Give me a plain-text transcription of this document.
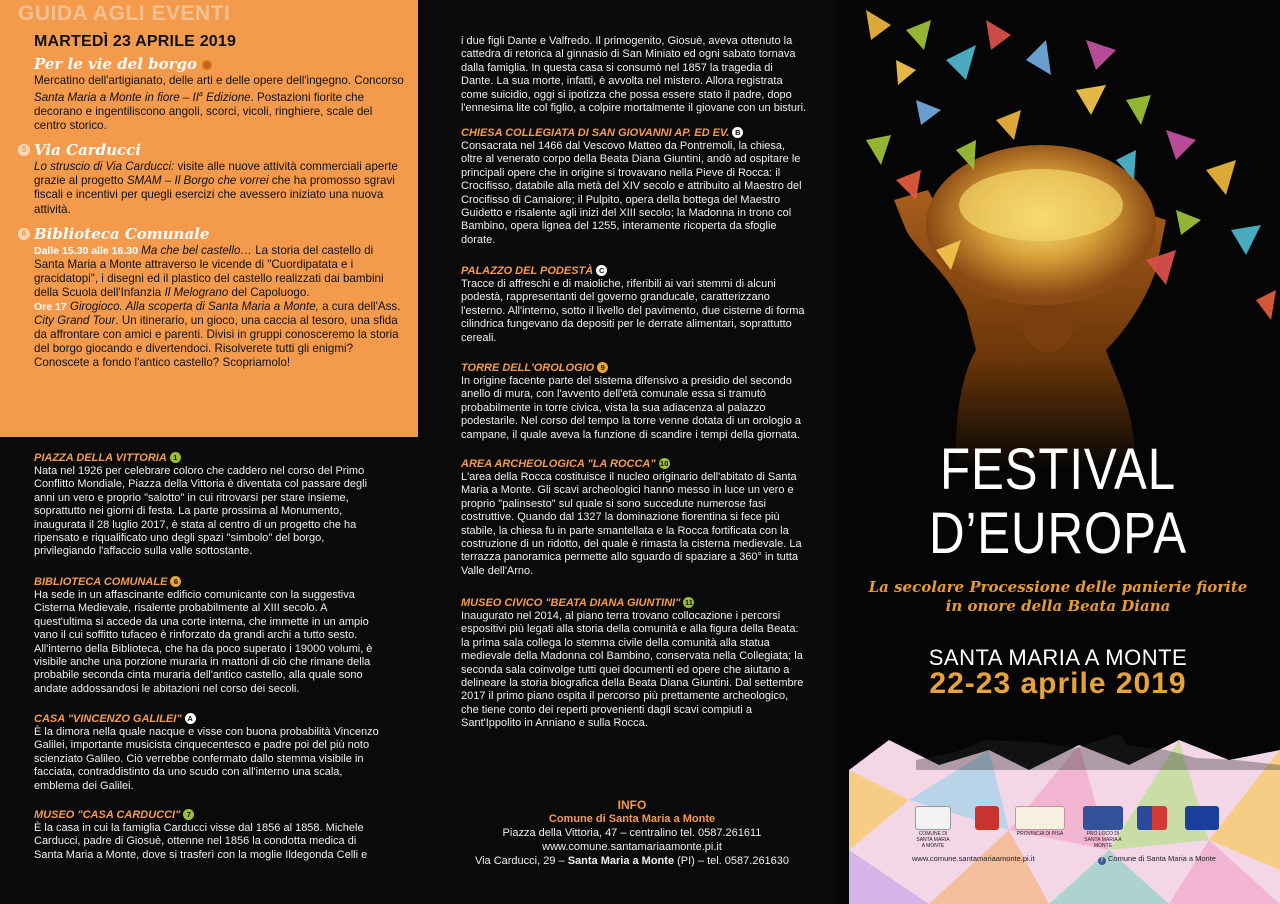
GUIDA AGLI EVENTI
MARTEDÌ 23 APRILE 2019
Per le vie del borgo
Mercatino dell'artigianato, delle arti e delle opere dell'ingegno. Concorso Santa Maria a Monte in fiore – $II^a$ Edizione. Postazioni fiorite che decorano e ingentiliscono angoli, scorci, vicoli, ringhiere, scale del centro storico.
5 Via Carducci
Lo struscio di Via Carducci: visite alle nuove attività commerciali aperte grazie al progetto SMAM – Il Borgo che vorrei che ha promosso sgravi fiscali e incentivi per quegli esercizi che avessero iniziato una nuova attività.
6 Biblioteca Comunale
Dalle 15.30 alle 16.30 Ma che bel castello… La storia del castello di Santa Maria a Monte attraverso le vicende di "Cuordipatata e i gracidatopi", i disegni ed il plastico del castello realizzati dai bambini della Scuola dell'Infanzia Il Melograno del Capoluogo.
Ore 17 Girogioco. Alla scoperta di Santa Maria a Monte, a cura dell'Ass. City Grand Tour. Un itinerario, un gioco, una caccia al tesoro, una sfida da affrontare con amici e parenti. Divisi in gruppi conosceremo la storia del borgo giocando e divertendoci. Risolverete tutti gli enigmi? Conoscete a fondo l'antico castello? Scopriamolo!
PIAZZA DELLA VITTORIA 1
Nata nel 1926 per celebrare coloro che caddero nel corso del Primo Conflitto Mondiale, Piazza della Vittoria è diventata col passare degli anni un vero e proprio "salotto" in cui ritrovarsi per stare insieme, soprattutto nei giorni di festa. La parte prossima al Monumento, inaugurata il 28 luglio 2017, è stata al centro di un progetto che ha ripensato e riqualificato uno degli spazi "simbolo" del borgo, privilegiando l'affaccio sulla valle sottostante.
BIBLIOTECA COMUNALE 6
Ha sede in un affascinante edificio comunicante con la suggestiva Cisterna Medievale, risalente probabilmente al XIII secolo. A quest'ultima si accede da una corte interna, che immette in un ampio vano il cui soffitto tufaceo è rinforzato da grandi archi a tutto sesto. All'interno della Biblioteca, che ha da poco superato i 19000 volumi, è visibile anche una porzione muraria in mattoni di ciò che rimane della probabile seconda cinta muraria dell'antico castello, alla quale sono andate addossandosi le abitazioni nel corso dei secoli.
CASA "VINCENZO GALILEI" A
È la dimora nella quale nacque e visse con buona probabilità Vincenzo Galilei, importante musicista cinquecentesco e padre poi del più noto scienziato Galileo. Ciò verrebbe confermato dallo stemma visibile in facciata, contraddistinto da uno scudo con all'interno una scala, emblema dei Galilei.
MUSEO "CASA CARDUCCI" 7
È la casa in cui la famiglia Carducci visse dal 1856 al 1858. Michele Carducci, padre di Giosuè, ottenne nel 1856 la condotta medica di Santa Maria a Monte, dove si trasferì con la moglie Ildegonda Celli e
i due figli Dante e Valfredo. Il primogenito, Giosuè, aveva ottenuto la cattedra di retorica al ginnasio di San Miniato ed ogni sabato tornava dalla famiglia. In questa casa si consumò nel 1857 la tragedia di Dante. La sua morte, infatti, è avvolta nel mistero. Allora registrata come suicidio, oggi si ipotizza che possa essere stato il padre, dopo l'ennesima lite col figlio, a colpire mortalmente il giovane con un bisturi.
CHIESA COLLEGIATA DI SAN GIOVANNI AP. ED EV. B
Consacrata nel 1466 dal Vescovo Matteo da Pontremoli, la chiesa, oltre al venerato corpo della Beata Diana Giuntini, andò ad ospitare le principali opere che in origine si trovavano nella Pieve di Rocca: il Crocifisso, databile alla metà del XIV secolo e attribuito al Maestro del Crocifisso di Camaiore; il Pulpito, opera della bottega del Maestro Guidetto e risalente agli inizi del XIII secolo; la Madonna in trono col Bambino, opera lignea del 1255, interamente ricoperta da sfoglie dorate.
PALAZZO DEL PODESTÀ C
Tracce di affreschi e di maioliche, riferibili ai vari stemmi di alcuni podestà, rappresentanti del governo granducale, caratterizzano l'esterno. All'interno, sotto il livello del pavimento, due cisterne di forma cilindrica fungevano da depositi per le derrate alimentari, soprattutto cereali.
TORRE DELL'OROLOGIO 9
In origine facente parte del sistema difensivo a presidio del secondo anello di mura, con l'avvento dell'età comunale essa si tramutò probabilmente in torre civica, vista la sua adiacenza al palazzo podestarile. Nel corso del tempo la torre venne dotata di un orologio a campane, il quale aveva la funzione di scandire i tempi della giornata.
AREA ARCHEOLOGICA "LA ROCCA" 10
L'area della Rocca costituisce il nucleo originario dell'abitato di Santa Maria a Monte. Gli scavi archeologici hanno messo in luce un vero e proprio "palinsesto" sul quale si sono succedute numerose fasi costruttive. Quando dal 1327 la dominazione fiorentina si fece più stabile, la chiesa fu in parte smantellata e la Rocca fortificata con la costruzione di un ridotto, del quale è rimasta la cisterna medievale. La terrazza panoramica permette allo sguardo di spaziare a 360° in tutta Valle dell'Arno.
MUSEO CIVICO "BEATA DIANA GIUNTINI" 11
Inaugurato nel 2014, al piano terra trovano collocazione i percorsi espositivi più legati alla storia della comunità e alla figura della Beata: la prima sala collega lo stemma civile della comunità alla statua medievale della Madonna col Bambino, conservata nella Collegiata; la seconda sala coinvolge tutti quei documenti ed opere che aiutano a delineare la storia biografica della Beata Diana Giuntini. Dal settembre 2017 il primo piano ospita il percorso più prettamente archeologico, che tiene conto dei reperti provenienti dagli scavi compiuti a Sant'Ippolito in Anniano e sulla Rocca.
INFO
Comune di Santa Maria a Monte
Piazza della Vittoria, 47 – centralino tel. 0587.261611
www.comune.santamariaamonte.pi.it
Via Carducci, 29 – Santa Maria a Monte (PI) – tel. 0587.261630
FESTIVAL
D’EUROPA
La secolare Processione delle panierie fiorite
in onore della Beata Diana
SANTA MARIA A MONTE
22-23 aprile 2019
COMUNE DI SANTA MARIA A MONTE
PROVINCIA DI PISA	PRO LOCO DI SANTA MARIA A MONTE
www.comune.santamariaamonte.pi.it	f Comune di Santa Maria a Monte
